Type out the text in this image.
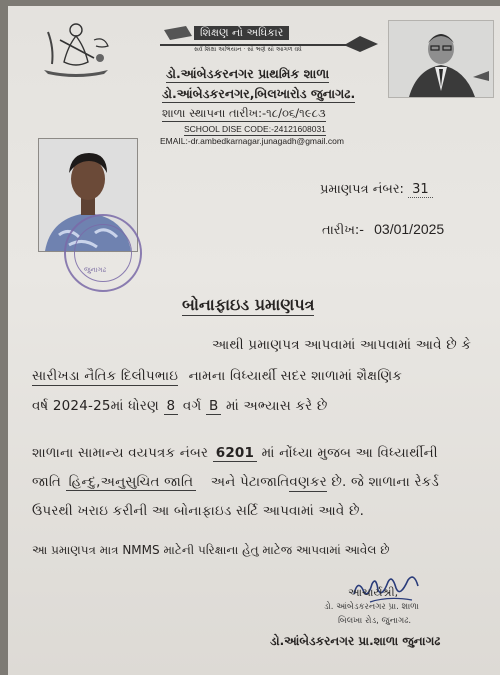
શિક્ષણ નો અધિકાર
સર્વ શિક્ષા અભિયાન · સૌ ભણે સૌ આગળ વધે
ડો.આંબેડકરનગર પ્રાથમિક શાળા
ડો.આંબેડકરનગર,બિલખારોડ જુનાગઢ.
શાળા સ્થાપના તારીખ:-૧૮/૦૬/૧૯૮૩
SCHOOL DISE CODE:-24121608031
EMAIL:-dr.ambedkarnagar.junagadh@gmail.com
જુનાગઢ
પ્રમાણપત્ર નંબર: 31
તારીખ:- 03/01/2025
બોનાફાઇડ પ્રમાણપત્ર
આથી પ્રમાણપત્ર આપવામાં આપવામાં આવે છે કે
સારીખડા નૈતિક દિલીપભાઇ નામના વિધ્યાર્થી સદર શાળામાં શૈક્ષણિક
વર્ષ 2024-25માં ધોરણ 8 વર્ગ B માં અભ્યાસ કરે છે
શાળાના સામાન્ય વયપત્રક નંબર 6201 માં નોંધ્યા મુજબ આ વિધ્યાર્થીની
જાતિ હિન્દુ,અનુસુચિત જાતિ અને પેટાજાતિવણકર છે. જે શાળાના રેકર્ડ
ઉપરથી ખરાઇ કરીની આ બોનાફાઇડ સર્ટિ આપવામાં આવે છે.
આ પ્રમાણપત્ર માત્ર NMMS માટેની પરિક્ષાના હેતુ માટેજ આપવામાં આવેલ છે
આચાર્યશ્રી,
ડો. આંબેડકરનગર પ્રા. શાળા
બિલખા રોડ, જુનાગઢ.
ડો.આંબેડકરનગર પ્રા.શાળા જુનાગઢ
